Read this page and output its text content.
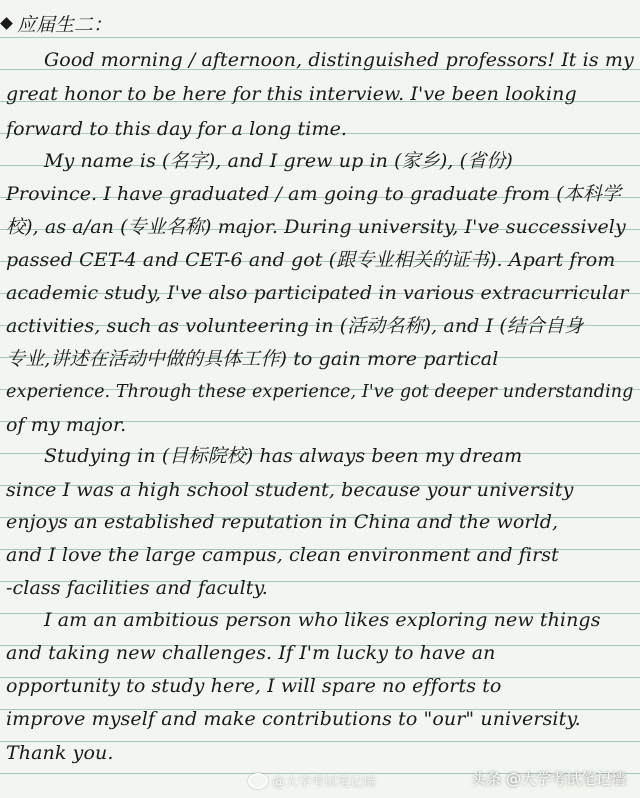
应届生二：
Good morning / afternoon, distinguished professors! It is my
great honor to be here for this interview. I've been looking
forward to this day for a long time.
My name is (名字), and I grew up in (家乡), (省份)
Province. I have graduated / am going to graduate from (本科学
校), as a/an (专业名称) major. During university, I've successively
passed CET-4 and CET-6 and got (跟专业相关的证书). Apart from
academic study, I've also participated in various extracurricular
activities, such as volunteering in (活动名称), and I (结合自身
专业,讲述在活动中做的具体工作) to gain more partical
experience. Through these experience, I've got deeper understanding
of my major.
Studying in (目标院校) has always been my dream
since I was a high school student, because your university
enjoys an established reputation in China and the world,
and I love the large campus, clean environment and first
-class facilities and faculty.
I am an ambitious person who likes exploring new things
and taking new challenges. If I'm lucky to have an
opportunity to study here, I will spare no efforts to
improve myself and make contributions to "our" university.
Thank you.
@大学考试笔记墙	头条 @大学考试笔记墙
